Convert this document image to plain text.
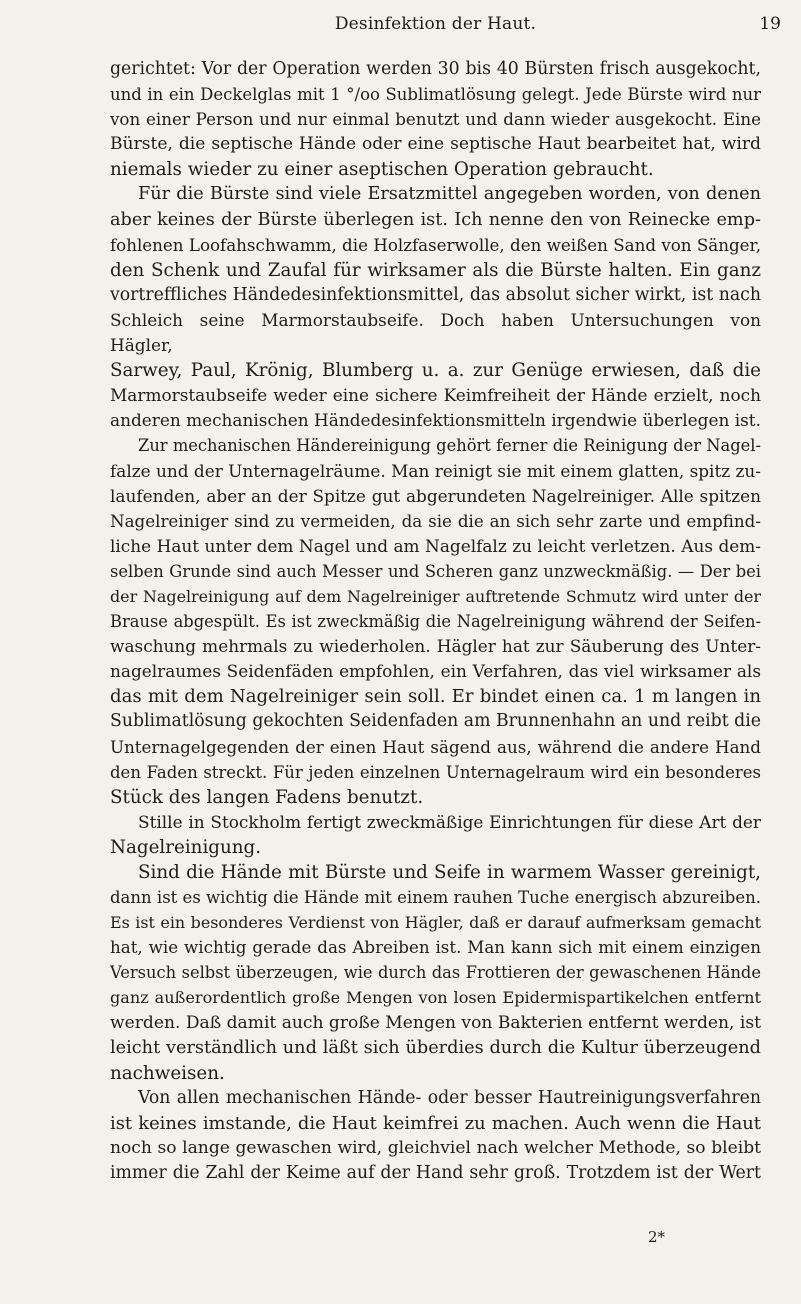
Desinfektion der Haut.	19

gerichtet: Vor der Operation werden 30 bis 40 Bürsten frisch ausgekocht,
und in ein Deckelglas mit 1 °/oo Sublimatlösung gelegt. Jede Bürste wird nur
von einer Person und nur einmal benutzt und dann wieder ausgekocht. Eine
Bürste, die septische Hände oder eine septische Haut bearbeitet hat, wird
niemals wieder zu einer aseptischen Operation gebraucht.

Für die Bürste sind viele Ersatzmittel angegeben worden, von denen
aber keines der Bürste überlegen ist. Ich nenne den von Reinecke emp-
fohlenen Loofahschwamm, die Holzfaserwolle, den weißen Sand von Sänger,
den Schenk und Zaufal für wirksamer als die Bürste halten. Ein ganz
vortreffliches Händedesinfektionsmittel, das absolut sicher wirkt, ist nach
Schleich seine Marmorstaubseife. Doch haben Untersuchungen von Hägler,
Sarwey, Paul, Krönig, Blumberg u. a. zur Genüge erwiesen, daß die
Marmorstaubseife weder eine sichere Keimfreiheit der Hände erzielt, noch
anderen mechanischen Händedesinfektionsmitteln irgendwie überlegen ist.

Zur mechanischen Händereinigung gehört ferner die Reinigung der Nagel-
falze und der Unternagelräume. Man reinigt sie mit einem glatten, spitz zu-
laufenden, aber an der Spitze gut abgerundeten Nagelreiniger. Alle spitzen
Nagelreiniger sind zu vermeiden, da sie die an sich sehr zarte und empfind-
liche Haut unter dem Nagel und am Nagelfalz zu leicht verletzen. Aus dem-
selben Grunde sind auch Messer und Scheren ganz unzweckmäßig. — Der bei
der Nagelreinigung auf dem Nagelreiniger auftretende Schmutz wird unter der
Brause abgespült. Es ist zweckmäßig die Nagelreinigung während der Seifen-
waschung mehrmals zu wiederholen. Hägler hat zur Säuberung des Unter-
nagelraumes Seidenfäden empfohlen, ein Verfahren, das viel wirksamer als
das mit dem Nagelreiniger sein soll. Er bindet einen ca. 1 m langen in
Sublimatlösung gekochten Seidenfaden am Brunnenhahn an und reibt die
Unternagelgegenden der einen Haut sägend aus, während die andere Hand
den Faden streckt. Für jeden einzelnen Unternagelraum wird ein besonderes
Stück des langen Fadens benutzt.

Stille in Stockholm fertigt zweckmäßige Einrichtungen für diese Art der
Nagelreinigung.

Sind die Hände mit Bürste und Seife in warmem Wasser gereinigt,
dann ist es wichtig die Hände mit einem rauhen Tuche energisch abzureiben.
Es ist ein besonderes Verdienst von Hägler, daß er darauf aufmerksam gemacht
hat, wie wichtig gerade das Abreiben ist. Man kann sich mit einem einzigen
Versuch selbst überzeugen, wie durch das Frottieren der gewaschenen Hände
ganz außerordentlich große Mengen von losen Epidermispartikelchen entfernt
werden. Daß damit auch große Mengen von Bakterien entfernt werden, ist
leicht verständlich und läßt sich überdies durch die Kultur überzeugend
nachweisen.

Von allen mechanischen Hände- oder besser Hautreinigungsverfahren
ist keines imstande, die Haut keimfrei zu machen. Auch wenn die Haut
noch so lange gewaschen wird, gleichviel nach welcher Methode, so bleibt
immer die Zahl der Keime auf der Hand sehr groß. Trotzdem ist der Wert

2*
